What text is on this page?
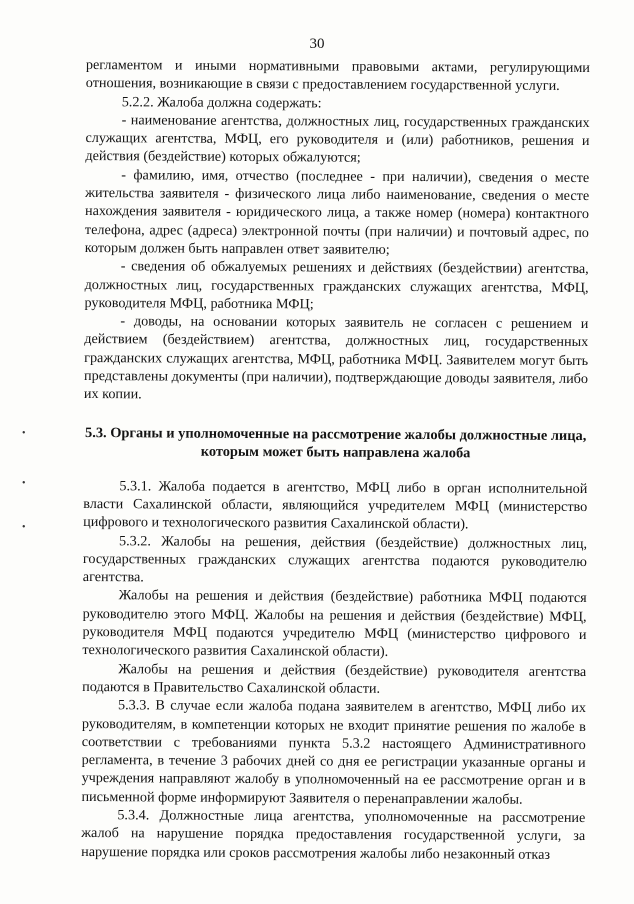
30
•
•
•

регламентом и иными нормативными правовыми актами, регулирующими отношения, возникающие в связи с предоставлением государственной услуги.

5.2.2. Жалоба должна содержать:

- наименование агентства, должностных лиц, государственных гражданских служащих агентства, МФЦ, его руководителя и (или) работников, решения и действия (бездействие) которых обжалуются;

- фамилию, имя, отчество (последнее - при наличии), сведения о месте жительства заявителя - физического лица либо наименование, сведения о месте нахождения заявителя - юридического лица, а также номер (номера) контактного телефона, адрес (адреса) электронной почты (при наличии) и почтовый адрес, по которым должен быть направлен ответ заявителю;

- сведения об обжалуемых решениях и действиях (бездействии) агентства, должностных лиц, государственных гражданских служащих агентства, МФЦ, руководителя МФЦ, работника МФЦ;

- доводы, на основании которых заявитель не согласен с решением и действием (бездействием) агентства, должностных лиц, государственных гражданских служащих агентства, МФЦ, работника МФЦ. Заявителем могут быть представлены документы (при наличии), подтверждающие доводы заявителя, либо их копии.

5.3. Органы и уполномоченные на рассмотрение жалобы должностные лица, которым может быть направлена жалоба

5.3.1. Жалоба подается в агентство, МФЦ либо в орган исполнительной власти Сахалинской области, являющийся учредителем МФЦ (министерство цифрового и технологического развития Сахалинской области).

5.3.2. Жалобы на решения, действия (бездействие) должностных лиц, государственных гражданских служащих агентства подаются руководителю агентства.

Жалобы на решения и действия (бездействие) работника МФЦ подаются руководителю этого МФЦ. Жалобы на решения и действия (бездействие) МФЦ, руководителя МФЦ подаются учредителю МФЦ (министерство цифрового и технологического развития Сахалинской области).

Жалобы на решения и действия (бездействие) руководителя агентства подаются в Правительство Сахалинской области.

5.3.3. В случае если жалоба подана заявителем в агентство, МФЦ либо их руководителям, в компетенции которых не входит принятие решения по жалобе в соответствии с требованиями пункта 5.3.2 настоящего Административного регламента, в течение 3 рабочих дней со дня ее регистрации указанные органы и учреждения направляют жалобу в уполномоченный на ее рассмотрение орган и в письменной форме информируют Заявителя о перенаправлении жалобы.

5.3.4. Должностные лица агентства, уполномоченные на рассмотрение жалоб на нарушение порядка предоставления государственной услуги, за нарушение порядка или сроков рассмотрения жалобы либо незаконный отказ
